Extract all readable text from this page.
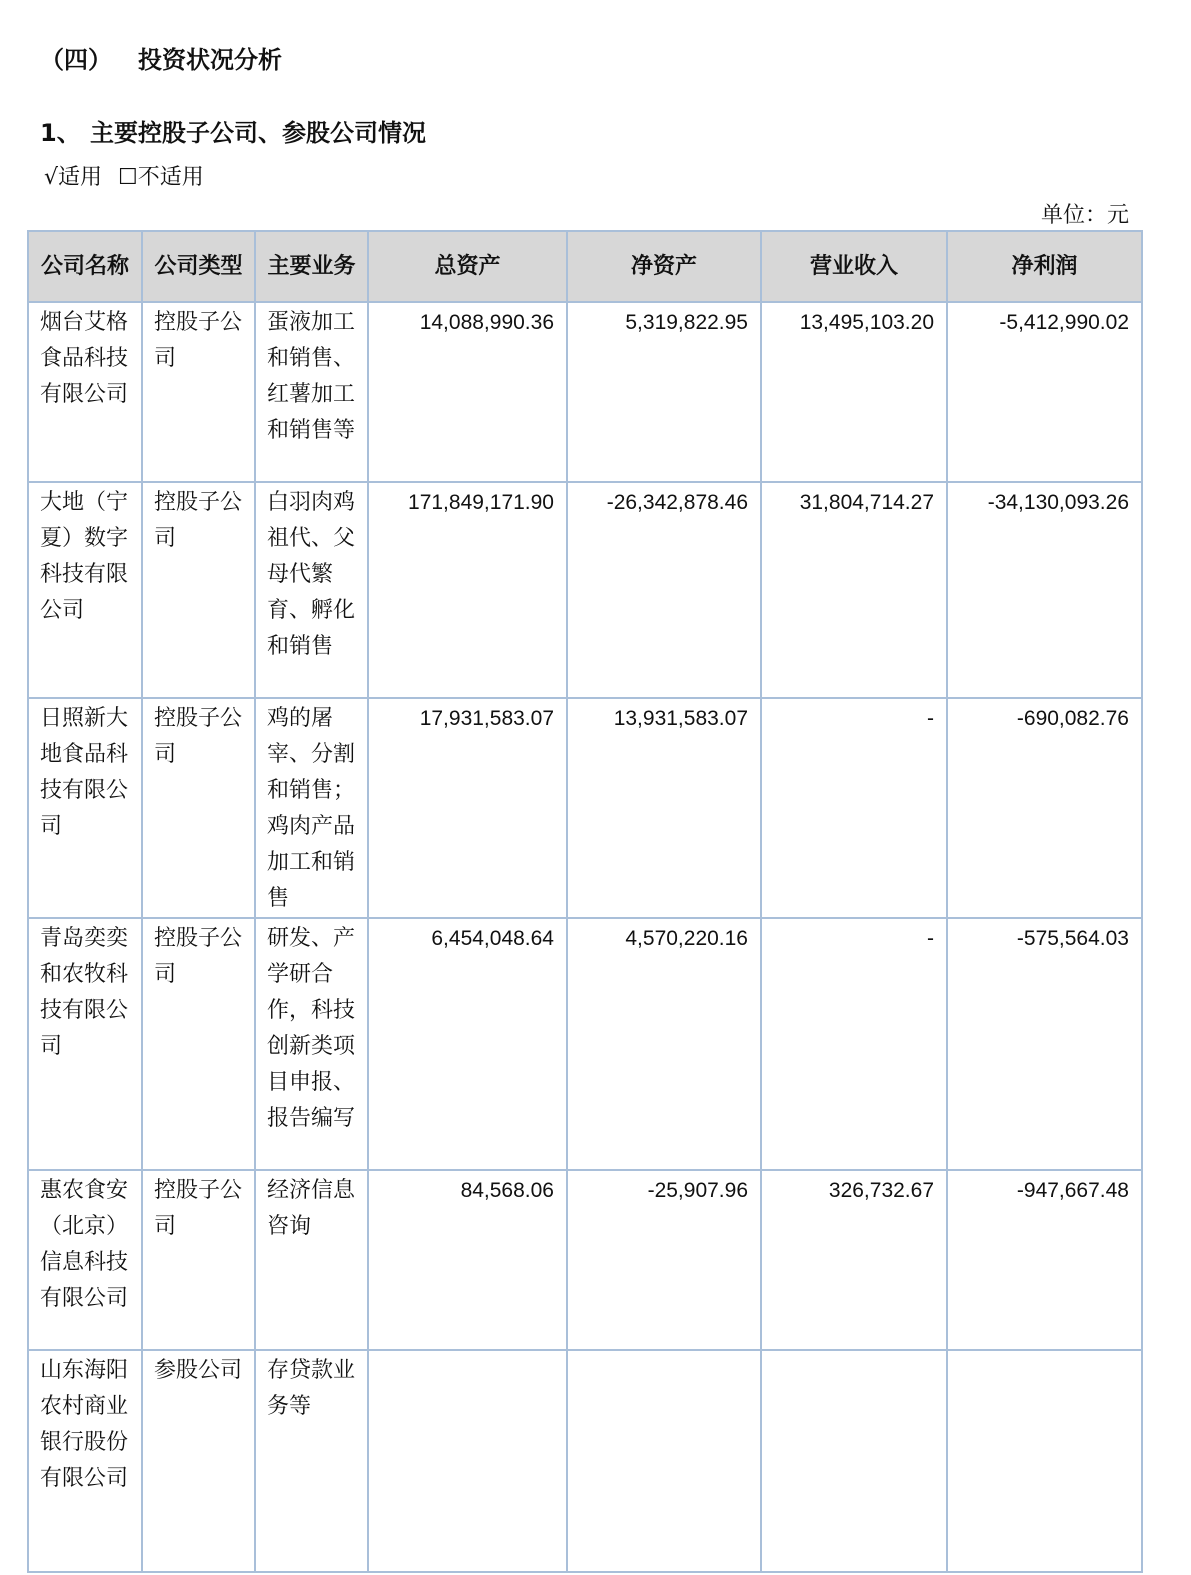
（四） 投资状况分析
1、 主要控股子公司、参股公司情况
√适用 ☐不适用
单位：元
公司名称	公司类型	主要业务	总资产	净资产	营业收入	净利润
烟台艾格食品科技有限公司	控股子公司	蛋液加工和销售、红薯加工和销售等	14,088,990.36	5,319,822.95	13,495,103.20	-5,412,990.02
大地（宁夏）数字科技有限公司	控股子公司	白羽肉鸡祖代、父母代繁育、孵化和销售	171,849,171.90	-26,342,878.46	31,804,714.27	-34,130,093.26
日照新大地食品科技有限公司	控股子公司	鸡的屠宰、分割和销售；鸡肉产品加工和销售	17,931,583.07	13,931,583.07	-	-690,082.76
青岛奕奕和农牧科技有限公司	控股子公司	研发、产学研合作，科技创新类项目申报、报告编写	6,454,048.64	4,570,220.16	-	-575,564.03
惠农食安（北京）信息科技有限公司	控股子公司	经济信息咨询	84,568.06	-25,907.96	326,732.67	-947,667.48
山东海阳农村商业银行股份有限公司	参股公司	存贷款业务等				
